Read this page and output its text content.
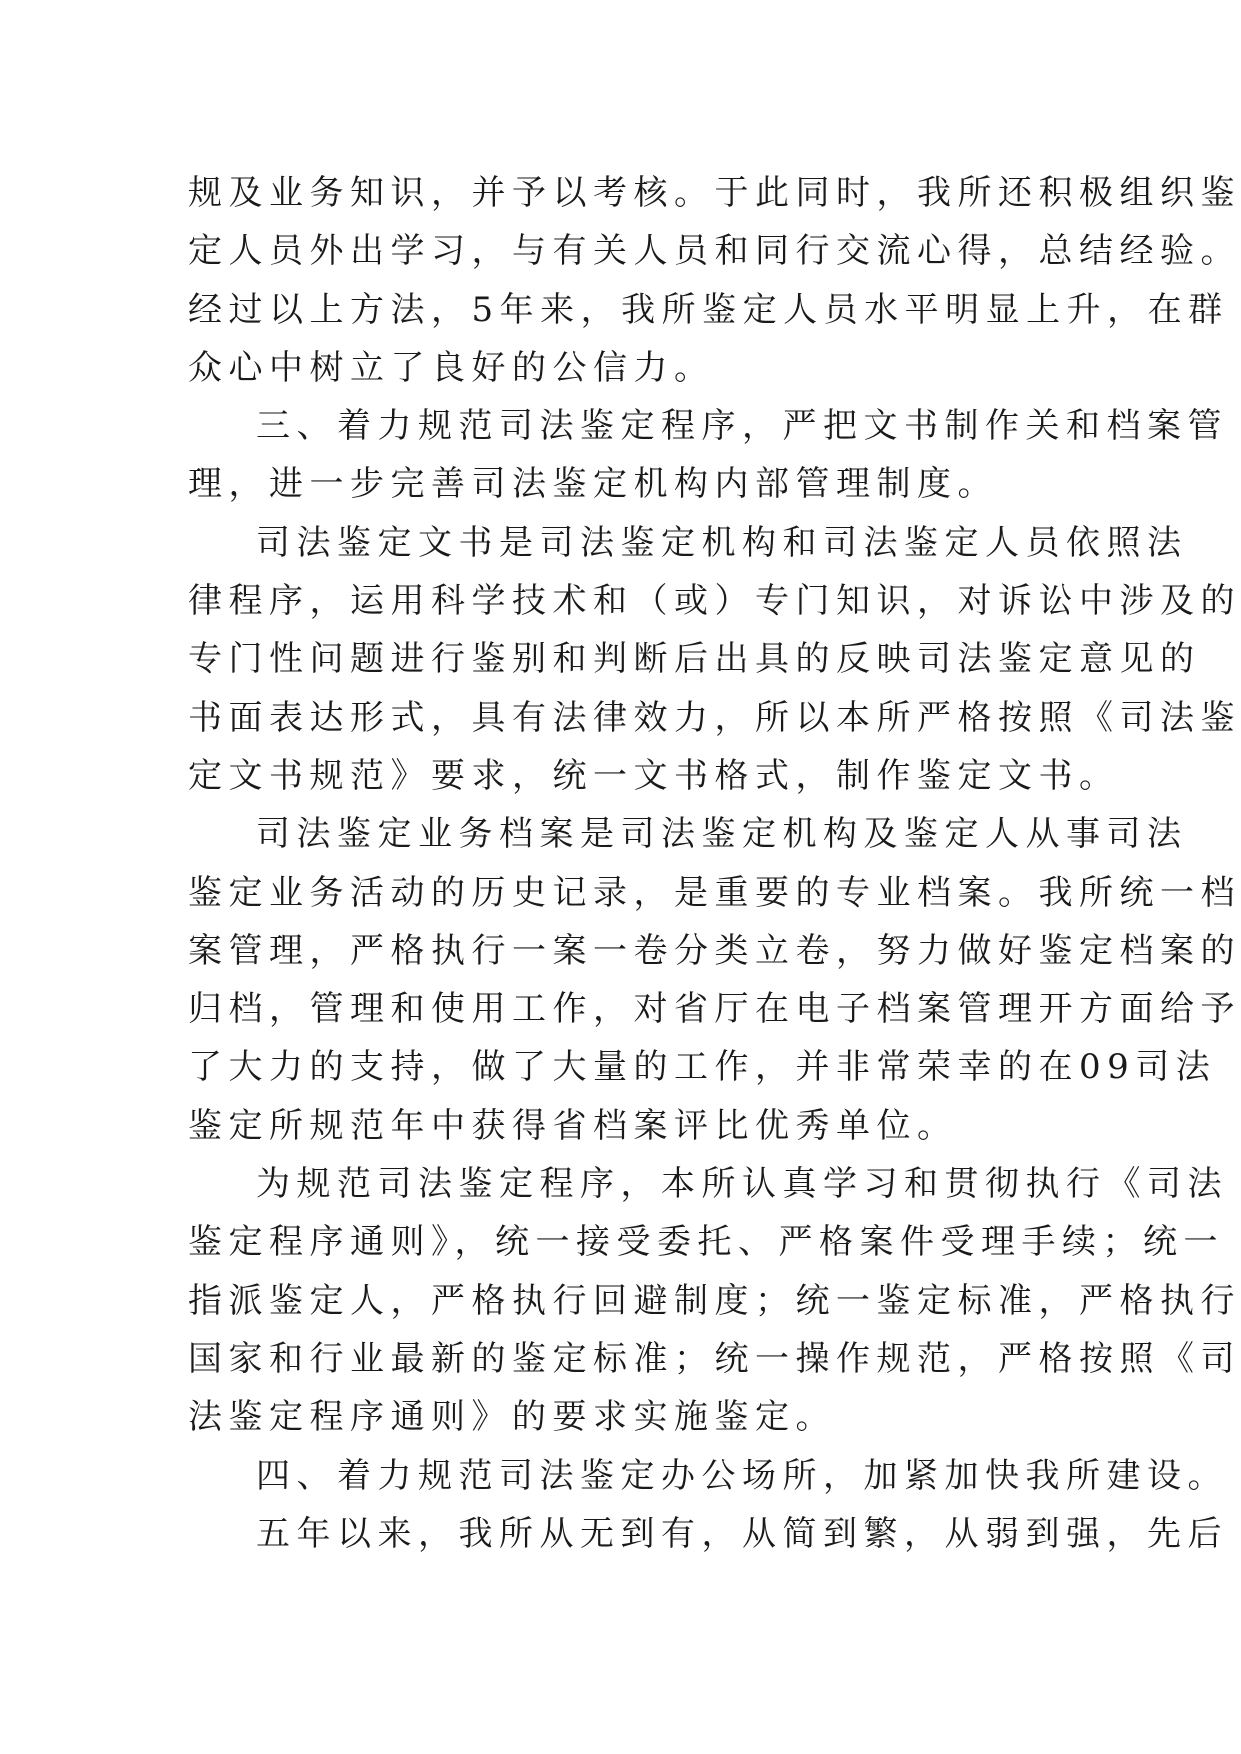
规及业务知识，并予以考核。于此同时，我所还积极组织鉴
定人员外出学习，与有关人员和同行交流心得，总结经验。
经过以上方法，5年来，我所鉴定人员水平明显上升，在群
众心中树立了良好的公信力。
三、着力规范司法鉴定程序，严把文书制作关和档案管
理，进一步完善司法鉴定机构内部管理制度。
司法鉴定文书是司法鉴定机构和司法鉴定人员依照法
律程序，运用科学技术和（或）专门知识，对诉讼中涉及的
专门性问题进行鉴别和判断后出具的反映司法鉴定意见的
书面表达形式，具有法律效力，所以本所严格按照《司法鉴
定文书规范》要求，统一文书格式，制作鉴定文书。
司法鉴定业务档案是司法鉴定机构及鉴定人从事司法
鉴定业务活动的历史记录，是重要的专业档案。我所统一档
案管理，严格执行一案一卷分类立卷，努力做好鉴定档案的
归档，管理和使用工作，对省厅在电子档案管理开方面给予
了大力的支持，做了大量的工作，并非常荣幸的在09司法
鉴定所规范年中获得省档案评比优秀单位。
为规范司法鉴定程序，本所认真学习和贯彻执行《司法
鉴定程序通则》，统一接受委托、严格案件受理手续；统一
指派鉴定人，严格执行回避制度；统一鉴定标准，严格执行
国家和行业最新的鉴定标准；统一操作规范，严格按照《司
法鉴定程序通则》的要求实施鉴定。
四、着力规范司法鉴定办公场所，加紧加快我所建设。
五年以来，我所从无到有，从简到繁，从弱到强，先后
